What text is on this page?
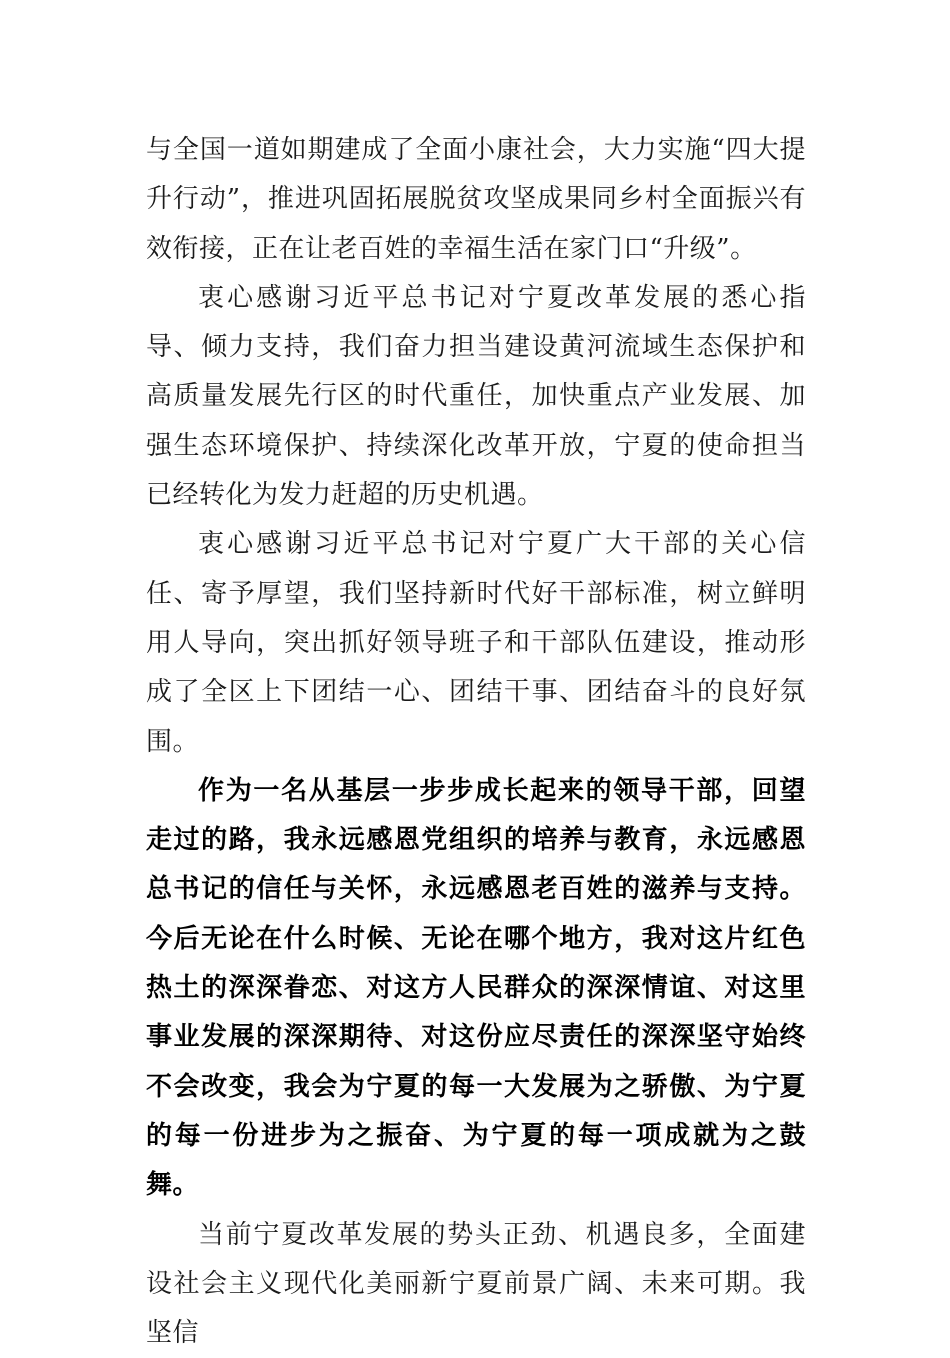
与全国一道如期建成了全面小康社会，大力实施“四大提升行动”，推进巩固拓展脱贫攻坚成果同乡村全面振兴有效衔接，正在让老百姓的幸福生活在家门口“升级”。

衷心感谢习近平总书记对宁夏改革发展的悉心指导、倾力支持，我们奋力担当建设黄河流域生态保护和高质量发展先行区的时代重任，加快重点产业发展、加强生态环境保护、持续深化改革开放，宁夏的使命担当已经转化为发力赶超的历史机遇。

衷心感谢习近平总书记对宁夏广大干部的关心信任、寄予厚望，我们坚持新时代好干部标准，树立鲜明用人导向，突出抓好领导班子和干部队伍建设，推动形成了全区上下团结一心、团结干事、团结奋斗的良好氛围。

作为一名从基层一步步成长起来的领导干部，回望走过的路，我永远感恩党组织的培养与教育，永远感恩总书记的信任与关怀，永远感恩老百姓的滋养与支持。今后无论在什么时候、无论在哪个地方，我对这片红色热土的深深眷恋、对这方人民群众的深深情谊、对这里事业发展的深深期待、对这份应尽责任的深深坚守始终不会改变，我会为宁夏的每一大发展为之骄傲、为宁夏的每一份进步为之振奋、为宁夏的每一项成就为之鼓舞。

当前宁夏改革发展的势头正劲、机遇良多，全面建设社会主义现代化美丽新宁夏前景广阔、未来可期。我坚信
